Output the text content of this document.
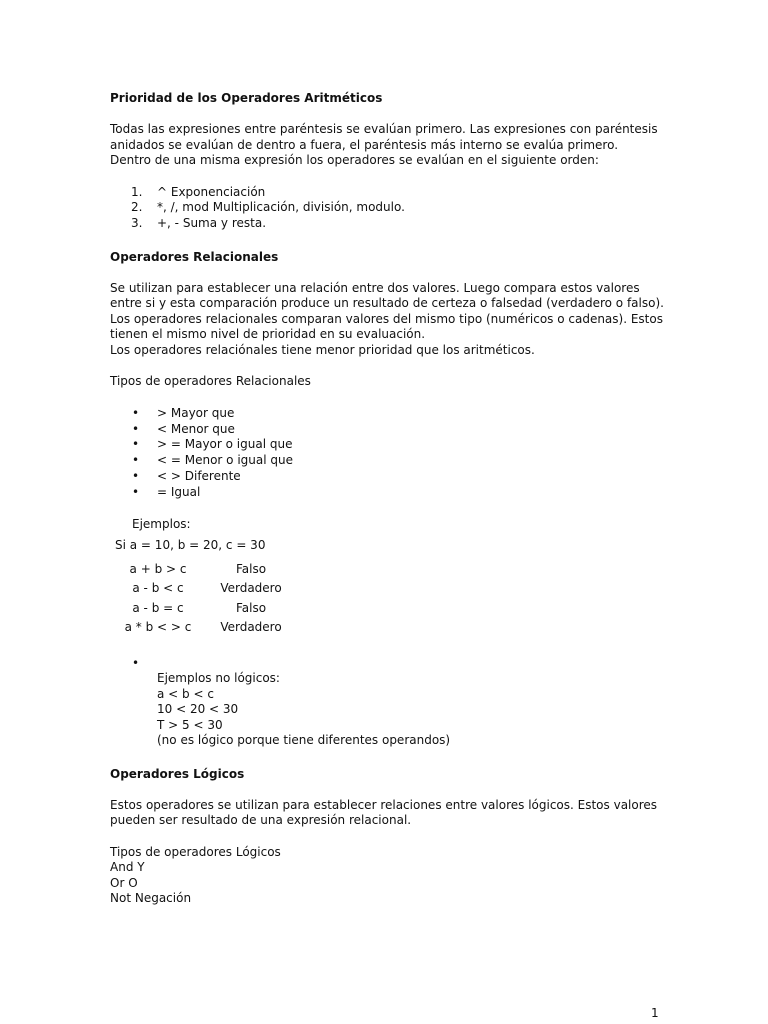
Prioridad de los Operadores Aritméticos

Todas las expresiones entre paréntesis se evalúan primero. Las expresiones con paréntesis anidados se evalúan de dentro a fuera, el paréntesis más interno se evalúa primero.

Dentro de una misma expresión los operadores se evalúan en el siguiente orden:

1.	^ Exponenciación
2.	*, /, mod Multiplicación, división, modulo.
3.	+, - Suma y resta.
Operadores Relacionales

Se utilizan para establecer una relación entre dos valores. Luego compara estos valores entre si y esta comparación produce un resultado de certeza o falsedad (verdadero o falso).

Los operadores relacionales comparan valores del mismo tipo (numéricos o cadenas). Estos tienen el mismo nivel de prioridad en su evaluación.

Los operadores relaciónales tiene menor prioridad que los aritméticos.

Tipos de operadores Relacionales

• > Mayor que
• < Menor que
• > = Mayor o igual que
• < = Menor o igual que
• < > Diferente
• = Igual

Ejemplos:

Si a = 10, b = 20, c = 30

a + b > c	Falso
a - b < c	Verdadero
a - b = c	Falso
a * b < > c	Verdadero
•

Ejemplos no lógicos:

a < b < c

10 < 20 < 30

T > 5 < 30

(no es lógico porque tiene diferentes operandos)

Operadores Lógicos

Estos operadores se utilizan para establecer relaciones entre valores lógicos. Estos valores pueden ser resultado de una expresión relacional.

Tipos de operadores Lógicos

And Y

Or O

Not Negación

1
